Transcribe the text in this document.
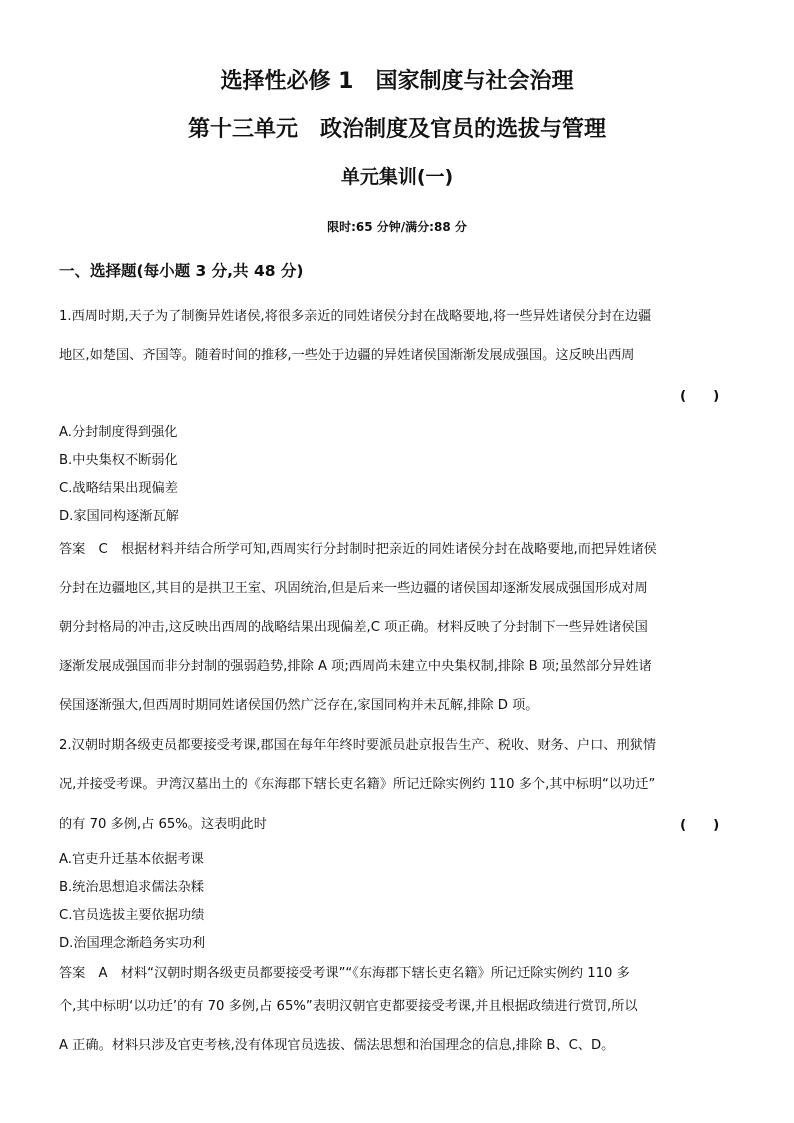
选择性必修 1　国家制度与社会治理
第十三单元　政治制度及官员的选拔与管理
单元集训(一)
限时:65 分钟/满分:88 分
一、选择题(每小题 3 分,共 48 分)
1.西周时期,天子为了制衡异姓诸侯,将很多亲近的同姓诸侯分封在战略要地,将一些异姓诸侯分封在边疆
地区,如楚国、齐国等。随着时间的推移,一些处于边疆的异姓诸侯国渐渐发展成强国。这反映出西周
(　　)
A.分封制度得到强化
B.中央集权不断弱化
C.战略结果出现偏差
D.家国同构逐渐瓦解
答案　C　根据材料并结合所学可知,西周实行分封制时把亲近的同姓诸侯分封在战略要地,而把异姓诸侯
分封在边疆地区,其目的是拱卫王室、巩固统治,但是后来一些边疆的诸侯国却逐渐发展成强国形成对周
朝分封格局的冲击,这反映出西周的战略结果出现偏差,C 项正确。材料反映了分封制下一些异姓诸侯国
逐渐发展成强国而非分封制的强弱趋势,排除 A 项;西周尚未建立中央集权制,排除 B 项;虽然部分异姓诸
侯国逐渐强大,但西周时期同姓诸侯国仍然广泛存在,家国同构并未瓦解,排除 D 项。
2.汉朝时期各级吏员都要接受考课,郡国在每年年终时要派员赴京报告生产、税收、财务、户口、刑狱情
况,并接受考课。尹湾汉墓出土的《东海郡下辖长吏名籍》所记迁除实例约 110 多个,其中标明“以功迁”
的有 70 多例,占 65%。这表明此时	(　　)
A.官吏升迁基本依据考课
B.统治思想追求儒法杂糅
C.官员选拔主要依据功绩
D.治国理念渐趋务实功利
答案　A　材料“汉朝时期各级吏员都要接受考课”“《东海郡下辖长吏名籍》所记迁除实例约 110 多
个,其中标明‘以功迁’的有 70 多例,占 65%”表明汉朝官吏都要接受考课,并且根据政绩进行赏罚,所以
A 正确。材料只涉及官吏考核,没有体现官员选拔、儒法思想和治国理念的信息,排除 B、C、D。
